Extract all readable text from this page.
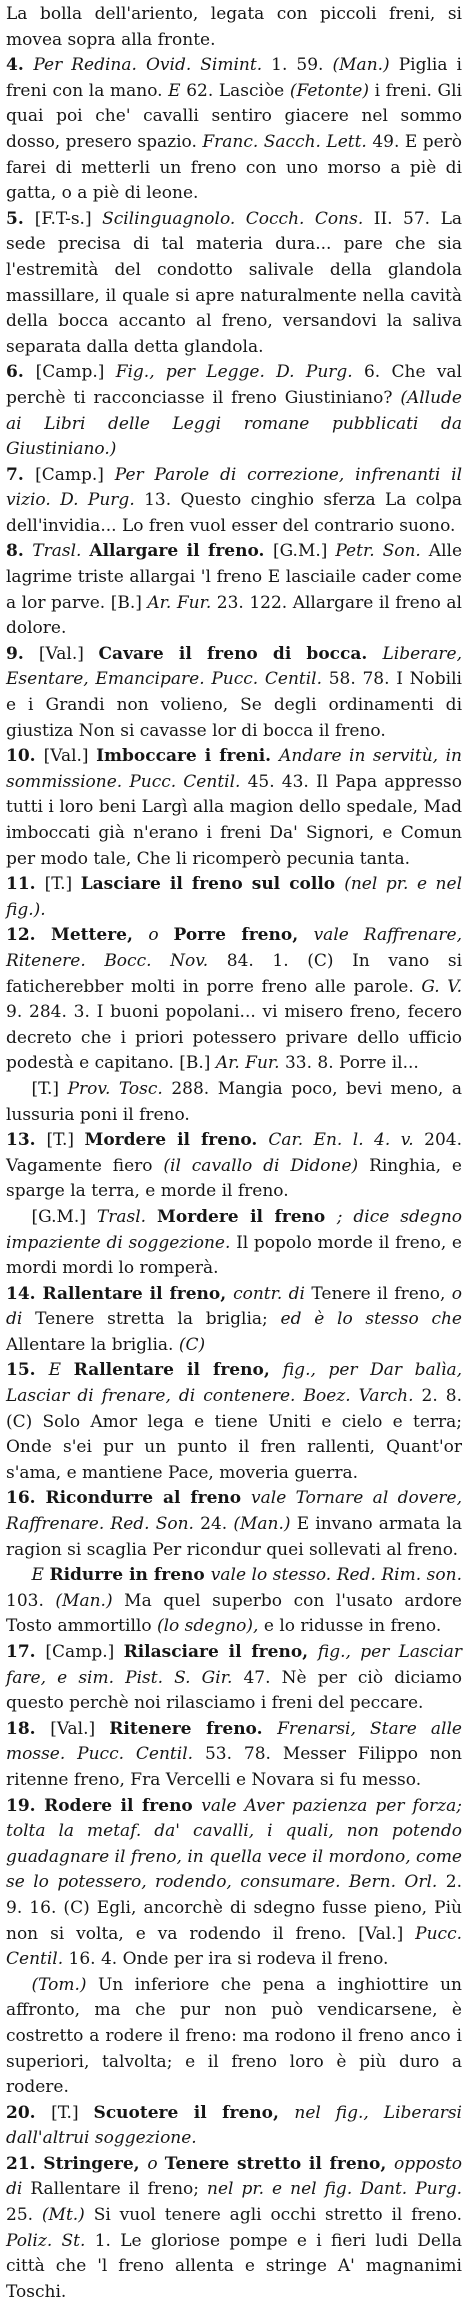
La bolla dell'ariento, legata con piccoli freni, si movea sopra alla fronte.

4. Per Redina. Ovid. Simint. 1. 59. (Man.) Piglia i freni con la mano. E 62. Lasciòe (Fetonte) i freni. Gli quai poi che' cavalli sentiro giacere nel sommo dosso, presero spazio. Franc. Sacch. Lett. 49. E però farei di metterli un freno con uno morso a piè di gatta, o a piè di leone.

5. [F.T-s.] Scilinguagnolo. Cocch. Cons. II. 57. La sede precisa di tal materia dura... pare che sia l'estremità del condotto salivale della glandola massillare, il quale si apre naturalmente nella cavità della bocca accanto al freno, versandovi la saliva separata dalla detta glandola.

6. [Camp.] Fig., per Legge. D. Purg. 6. Che val perchè ti racconciasse il freno Giustiniano? (Allude ai Libri delle Leggi romane pubblicati da Giustiniano.)

7. [Camp.] Per Parole di correzione, infrenanti il vizio. D. Purg. 13. Questo cinghio sferza La colpa dell'invidia... Lo fren vuol esser del contrario suono.

8. Trasl. Allargare il freno. [G.M.] Petr. Son. Alle lagrime triste allargai 'l freno E lasciaile cader come a lor parve. [B.] Ar. Fur. 23. 122. Allargare il freno al dolore.

9. [Val.] Cavare il freno di bocca. Liberare, Esentare, Emancipare. Pucc. Centil. 58. 78. I Nobili e i Grandi non volieno, Se degli ordinamenti di giustiza Non si cavasse lor di bocca il freno.

10. [Val.] Imboccare i freni. Andare in servitù, in sommissione. Pucc. Centil. 45. 43. Il Papa appresso tutti i loro beni Largì alla magion dello spedale, Mad imboccati già n'erano i freni Da' Signori, e Comun per modo tale, Che li ricomperò pecunia tanta.

11. [T.] Lasciare il freno sul collo (nel pr. e nel fig.).

12. Mettere, o Porre freno, vale Raffrenare, Ritenere. Bocc. Nov. 84. 1. (C) In vano si faticherebber molti in porre freno alle parole. G. V. 9. 284. 3. I buoni popolani... vi misero freno, fecero decreto che i priori potessero privare dello ufficio podestà e capitano. [B.] Ar. Fur. 33. 8. Porre il...

[T.] Prov. Tosc. 288. Mangia poco, bevi meno, a lussuria poni il freno.

13. [T.] Mordere il freno. Car. En. l. 4. v. 204. Vagamente fiero (il cavallo di Didone) Ringhia, e sparge la terra, e morde il freno.

[G.M.] Trasl. Mordere il freno ; dice sdegno impaziente di soggezione. Il popolo morde il freno, e mordi mordi lo romperà.

14. Rallentare il freno, contr. di Tenere il freno, o di Tenere stretta la briglia; ed è lo stesso che Allentare la briglia. (C)

15. E Rallentare il freno, fig., per Dar balìa, Lasciar di frenare, di contenere. Boez. Varch. 2. 8. (C) Solo Amor lega e tiene Uniti e cielo e terra; Onde s'ei pur un punto il fren rallenti, Quant'or s'ama, e mantiene Pace, moveria guerra.

16. Ricondurre al freno vale Tornare al dovere, Raffrenare. Red. Son. 24. (Man.) E invano armata la ragion si scaglia Per ricondur quei sollevati al freno.

E Ridurre in freno vale lo stesso. Red. Rim. son. 103. (Man.) Ma quel superbo con l'usato ardore Tosto ammortillo (lo sdegno), e lo ridusse in freno.

17. [Camp.] Rilasciare il freno, fig., per Lasciar fare, e sim. Pist. S. Gir. 47. Nè per ciò diciamo questo perchè noi rilasciamo i freni del peccare.

18. [Val.] Ritenere freno. Frenarsi, Stare alle mosse. Pucc. Centil. 53. 78. Messer Filippo non ritenne freno, Fra Vercelli e Novara si fu messo.

19. Rodere il freno vale Aver pazienza per forza; tolta la metaf. da' cavalli, i quali, non potendo guadagnare il freno, in quella vece il mordono, come se lo potessero, rodendo, consumare. Bern. Orl. 2. 9. 16. (C) Egli, ancorchè di sdegno fusse pieno, Più non si volta, e va rodendo il freno. [Val.] Pucc. Centil. 16. 4. Onde per ira si rodeva il freno.

(Tom.) Un inferiore che pena a inghiottire un affronto, ma che pur non può vendicarsene, è costretto a rodere il freno: ma rodono il freno anco i superiori, talvolta; e il freno loro è più duro a rodere.

20. [T.] Scuotere il freno, nel fig., Liberarsi dall'altrui soggezione.

21. Stringere, o Tenere stretto il freno, opposto di Rallentare il freno; nel pr. e nel fig. Dant. Purg. 25. (Mt.) Si vuol tenere agli occhi stretto il freno. Poliz. St. 1. Le gloriose pompe e i fieri ludi Della città che 'l freno allenta e stringe A' magnanimi Toschi.
